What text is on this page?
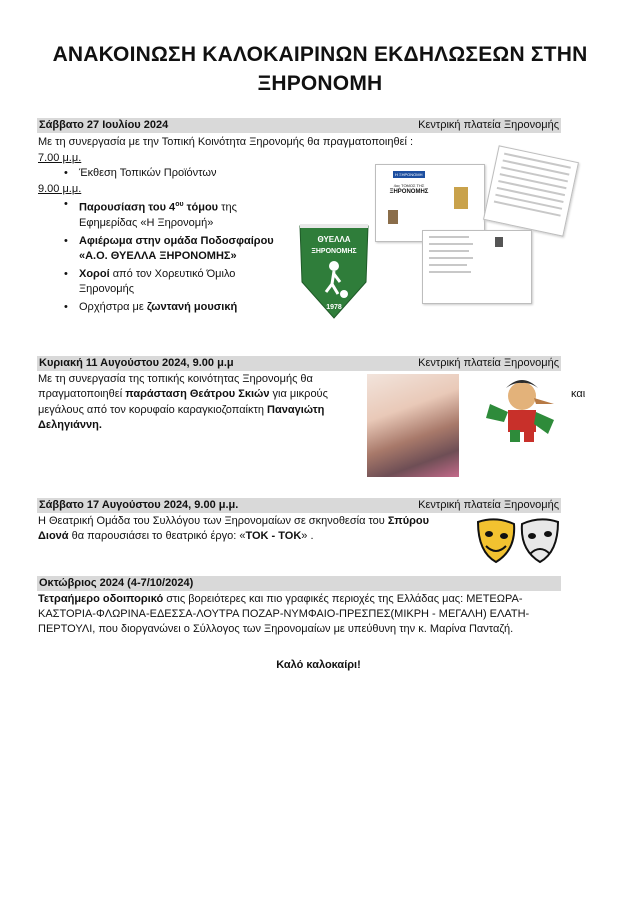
ΑΝΑΚΟΙΝΩΣΗ ΚΑΛΟΚΑΙΡΙΝΩΝ ΕΚΔΗΛΩΣΕΩΝ ΣΤΗΝ ΞΗΡΟΝΟΜΗ
Σάββατο 27 Ιουλίου 2024	Κεντρική πλατεία Ξηρονομής
Με τη συνεργασία με την Τοπική Κοινότητα Ξηρονομής θα πραγματοποιηθεί :
7.00 μ.μ.
• Έκθεση Τοπικών Προϊόντων
9.00 μ.μ.
• Παρουσίαση του $4^{o\upsilon}$ τόμου της Εφημερίδας «Η Ξηρονομή»
• Αφιέρωμα στην ομάδα Ποδοσφαίρου «Α.Ο. ΘΥΕΛΛΑ ΞΗΡΟΝΟΜΗΣ»
• Χοροί από τον Χορευτικό Όμιλο Ξηρονομής
• Ορχήστρα με ζωντανή μουσική
ΘΥΕΛΛΑ
ΞΗΡΟΝΟΜΗΣ
1978
Η ΞΗΡΟΝΟΜΗ
4ος ΤΟΜΟΣ ΤΗΣ
ΞΗΡΟΝΟΜΗΣ
Κυριακή 11 Αυγούστου 2024, 9.00 μ.μ	Κεντρική πλατεία Ξηρονομής
Με τη συνεργασία της τοπικής κοινότητας Ξηρονομής θα
πραγματοποιηθεί παράσταση Θεάτρου Σκιών για μικρούς	και
μεγάλους από τον κορυφαίο καραγκιοζοπαίκτη Παναγιώτη Δεληγιάννη.
Σάββατο 17 Αυγούστου 2024, 9.00 μ.μ.	Κεντρική πλατεία Ξηρονομής
Η Θεατρική Ομάδα του Συλλόγου των Ξηρονομαίων σε σκηνοθεσία του Σπύρου Διονά θα παρουσιάσει το θεατρικό έργο: «ΤΟΚ - ΤΟΚ» .
Οκτώβριος 2024 (4-7/10/2024)
Τετραήμερο οδοιπορικό στις βορειότερες και πιο γραφικές περιοχές της Ελλάδας μας: ΜΕΤΕΩΡΑ-ΚΑΣΤΟΡΙΑ-ΦΛΩΡΙΝΑ-ΕΔΕΣΣΑ-ΛΟΥΤΡΑ ΠΟΖΑΡ-ΝΥΜΦΑΙΟ-ΠΡΕΣΠΕΣ(ΜΙΚΡΗ - ΜΕΓΑΛΗ) ΕΛΑΤΗ-ΠΕΡΤΟΥΛΙ, που διοργανώνει ο Σύλλογος των Ξηρονομαίων με υπεύθυνη την κ. Μαρίνα Πανταζή.
Καλό καλοκαίρι!
